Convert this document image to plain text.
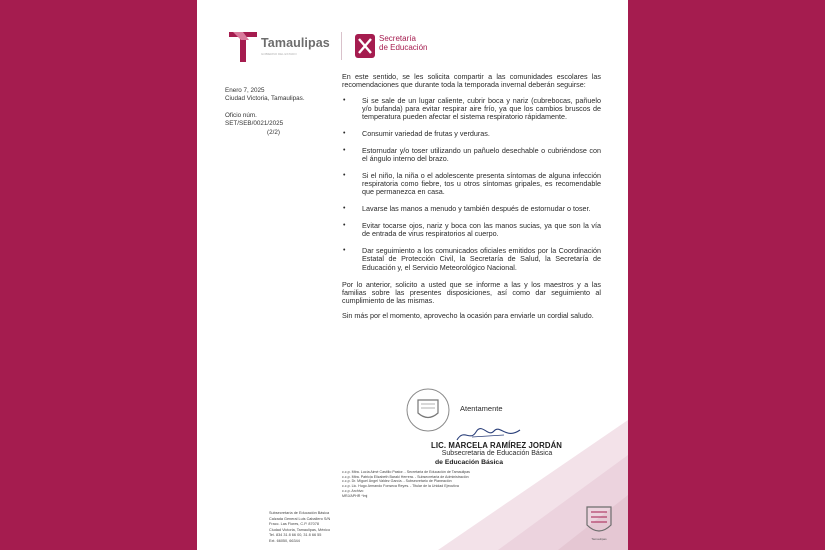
Tamaulipas
GOBIERNO DEL ESTADO
Secretaría
de Educación
Enero 7, 2025
Ciudad Victoria, Tamaulipas.
Oficio núm.
SET/SEB/0021/2025
(2/2)

En este sentido, se les solicita compartir a las comunidades escolares las recomendaciones que durante toda la temporada invernal deberán seguirse:

• Si se sale de un lugar caliente, cubrir boca y nariz (cubrebocas, pañuelo y/o bufanda) para evitar respirar aire frío, ya que los cambios bruscos de temperatura pueden afectar el sistema respiratorio rápidamente.
• Consumir variedad de frutas y verduras.
• Estornudar y/o toser utilizando un pañuelo desechable o cubriéndose con el ángulo interno del brazo.
• Si el niño, la niña o el adolescente presenta síntomas de alguna infección respiratoria como fiebre, tos u otros síntomas gripales, es recomendable que permanezca en casa.
• Lavarse las manos a menudo y también después de estornudar o toser.
• Evitar tocarse ojos, nariz y boca con las manos sucias, ya que son la vía de entrada de virus respiratorios al cuerpo.
• Dar seguimiento a los comunicados oficiales emitidos por la Coordinación Estatal de Protección Civil, la Secretaría de Salud, la Secretaría de Educación y, el Servicio Meteorológico Nacional.

Por lo anterior, solicito a usted que se informe a las y los maestros y a las familias sobre las presentes disposiciones, así como dar seguimiento al cumplimiento de las mismas.

Sin más por el momento, aprovecho la ocasión para enviarle un cordial saludo.

Atentamente
LIC. MARCELA RAMÍREZ JORDÁN
Subsecretaria de Educación Básica
de Educación Básica
c.c.p. Mtra. Lucía Aimé Castillo Pastor. - Secretaria de Educación de Tamaulipas
c.c.p. Mtra. Patricia Elizabeth Baraki Herrera. - Subsecretaria de Administración
c.c.p. Dr. Miguel Ángel Valdez García. - Subsecretario de Planeación
c.c.p. Lic. Hugo Armando Fonseca Reyes. - Titular de la Unidad Ejecutiva
c.c.p. Archivo
MRJ/APHR *lmj
Subsecretaría de Educación Básica
Calzada General Luis Caballero S/N
Fracc. Las Flores, C.P. 87078
Ciudad Victoria, Tamaulipas, México
Tel. 834 31 8 66 00, 31 8 66 55
Ext. 66050, 66344	Tamaulipas
